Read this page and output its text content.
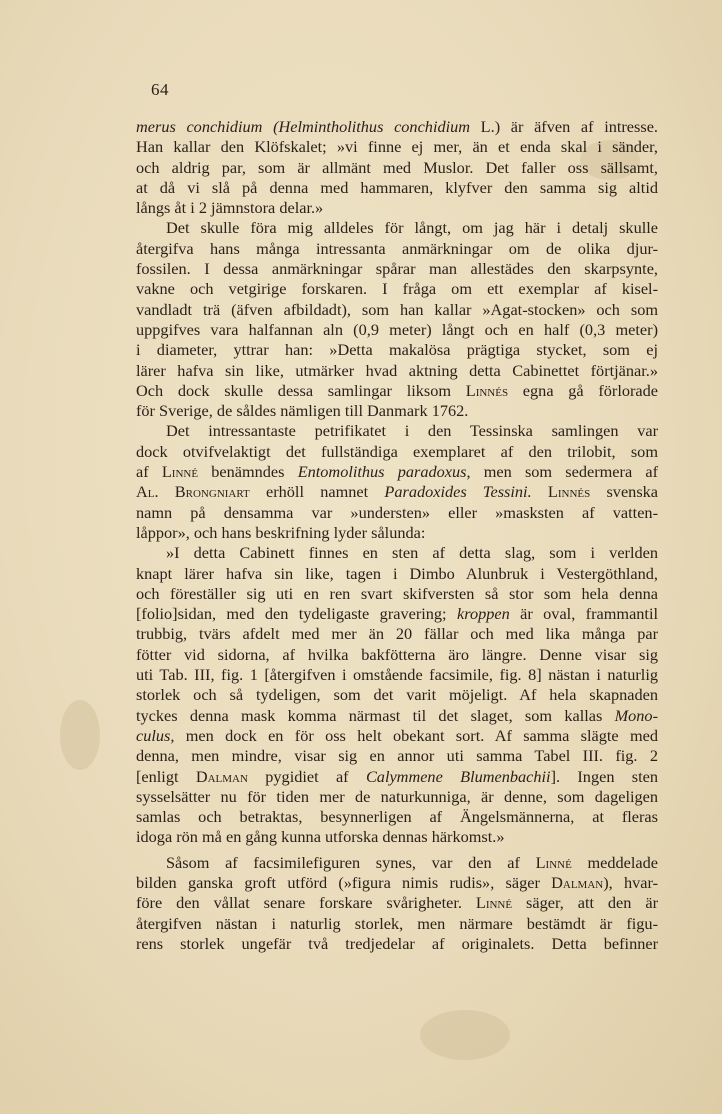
64
merus conchidium (Helmintholithus conchidium L.) är äfven af intresse.
Han kallar den Klöfskalet; »vi finne ej mer, än et enda skal i sänder,
och aldrig par, som är allmänt med Muslor. Det faller oss sällsamt,
at då vi slå på denna med hammaren, klyfver den samma sig altid
långs åt i 2 jämnstora delar.»
Det skulle föra mig alldeles för långt, om jag här i detalj skulle
återgifva hans många intressanta anmärkningar om de olika djur-
fossilen. I dessa anmärkningar spårar man allestädes den skarpsynte,
vakne och vetgirige forskaren. I fråga om ett exemplar af kisel-
vandladt trä (äfven afbildadt), som han kallar »Agat-stocken» och som
uppgifves vara halfannan aln (0,9 meter) långt och en half (0,3 meter)
i diameter, yttrar han: »Detta makalösa prägtiga stycket, som ej
lärer hafva sin like, utmärker hvad aktning detta Cabinettet förtjänar.»
Och dock skulle dessa samlingar liksom Linnés egna gå förlorade
för Sverige, de såldes nämligen till Danmark 1762.
Det intressantaste petrifikatet i den Tessinska samlingen var
dock otvifvelaktigt det fullständiga exemplaret af den trilobit, som
af Linné benämndes Entomolithus paradoxus, men som sedermera af
Al. Brongniart erhöll namnet Paradoxides Tessini. Linnés svenska
namn på densamma var »understen» eller »masksten af vatten-
låppor», och hans beskrifning lyder sålunda:
»I detta Cabinett finnes en sten af detta slag, som i verlden
knapt lärer hafva sin like, tagen i Dimbo Alunbruk i Vestergöthland,
och föreställer sig uti en ren svart skifversten så stor som hela denna
[folio]sidan, med den tydeligaste gravering; kroppen är oval, frammantil
trubbig, tvärs afdelt med mer än 20 fällar och med lika många par
fötter vid sidorna, af hvilka bakfötterna äro längre. Denne visar sig
uti Tab. III, fig. 1 [återgifven i omstående facsimile, fig. 8] nästan i naturlig
storlek och så tydeligen, som det varit möjeligt. Af hela skapnaden
tyckes denna mask komma närmast til det slaget, som kallas Mono-
culus, men dock en för oss helt obekant sort. Af samma slägte med
denna, men mindre, visar sig en annor uti samma Tabel III. fig. 2
[enligt Dalman pygidiet af Calymmene Blumenbachii]. Ingen sten
sysselsätter nu för tiden mer de naturkunniga, är denne, som dageligen
samlas och betraktas, besynnerligen af Ängelsmännerna, at fleras
idoga rön må en gång kunna utforska dennas härkomst.»
Såsom af facsimilefiguren synes, var den af Linné meddelade
bilden ganska groft utförd (»figura nimis rudis», säger Dalman), hvar-
före den vållat senare forskare svårigheter. Linné säger, att den är
återgifven nästan i naturlig storlek, men närmare bestämdt är figu-
rens storlek ungefär två tredjedelar af originalets. Detta befinner
